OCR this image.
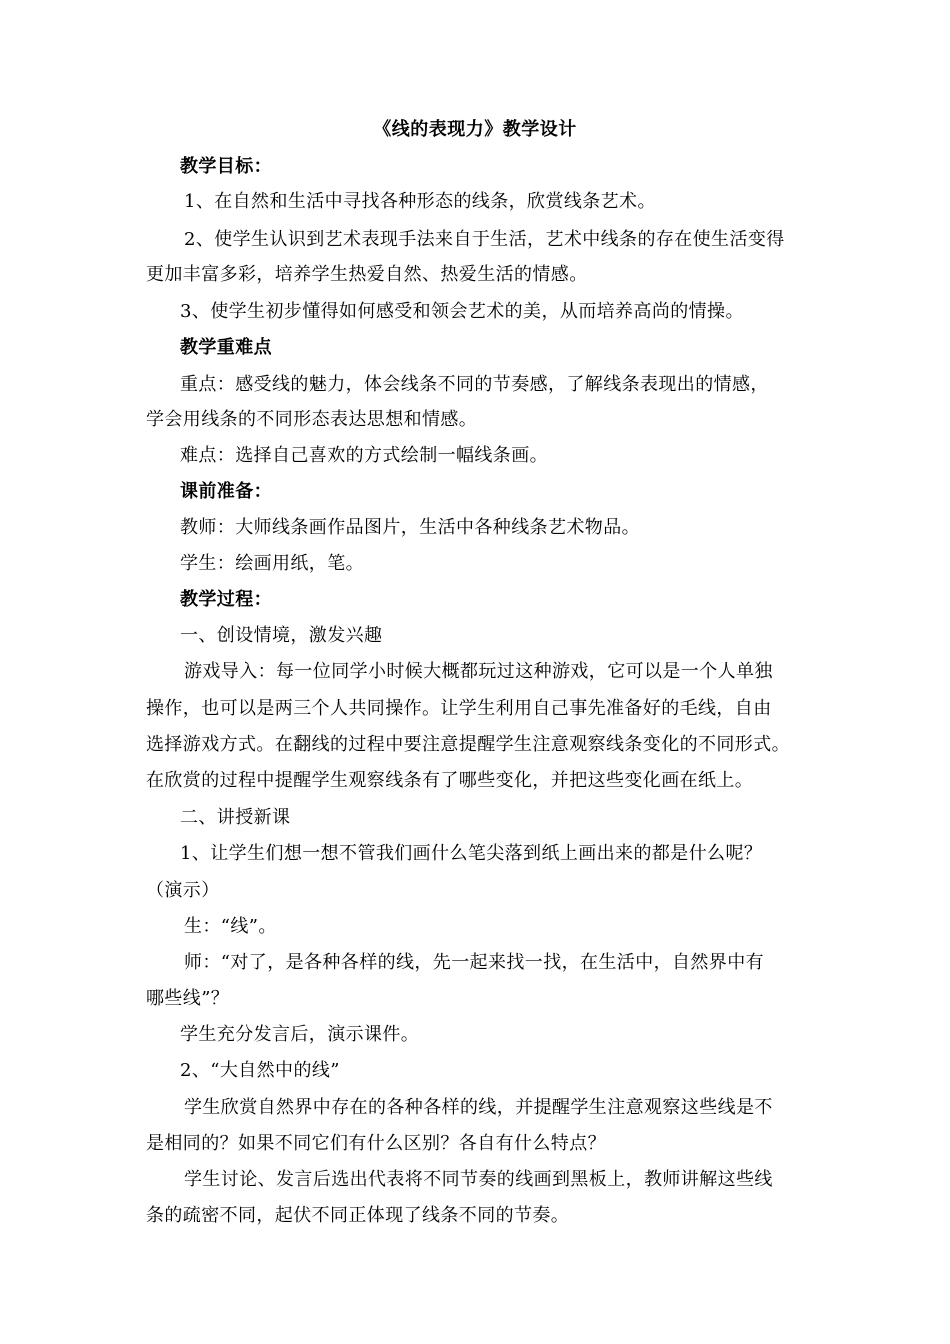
《线的表现力》教学设计
教学目标：
1、在自然和生活中寻找各种形态的线条，欣赏线条艺术。
2、使学生认识到艺术表现手法来自于生活，艺术中线条的存在使生活变得
更加丰富多彩，培养学生热爱自然、热爱生活的情感。
3、使学生初步懂得如何感受和领会艺术的美，从而培养高尚的情操。
教学重难点
重点：感受线的魅力，体会线条不同的节奏感，了解线条表现出的情感，
学会用线条的不同形态表达思想和情感。
难点：选择自己喜欢的方式绘制一幅线条画。
课前准备：
教师：大师线条画作品图片，生活中各种线条艺术物品。
学生：绘画用纸，笔。
教学过程：
一、创设情境，激发兴趣
游戏导入：每一位同学小时候大概都玩过这种游戏，它可以是一个人单独
操作，也可以是两三个人共同操作。让学生利用自己事先准备好的毛线，自由
选择游戏方式。在翻线的过程中要注意提醒学生注意观察线条变化的不同形式。
在欣赏的过程中提醒学生观察线条有了哪些变化，并把这些变化画在纸上。
二、讲授新课
1、让学生们想一想不管我们画什么笔尖落到纸上画出来的都是什么呢？
（演示）
生：“线”。
师：“对了，是各种各样的线，先一起来找一找，在生活中，自然界中有
哪些线”？
学生充分发言后，演示课件。
2、“大自然中的线”
学生欣赏自然界中存在的各种各样的线，并提醒学生注意观察这些线是不
是相同的？如果不同它们有什么区别？各自有什么特点？
学生讨论、发言后选出代表将不同节奏的线画到黑板上，教师讲解这些线
条的疏密不同，起伏不同正体现了线条不同的节奏。
